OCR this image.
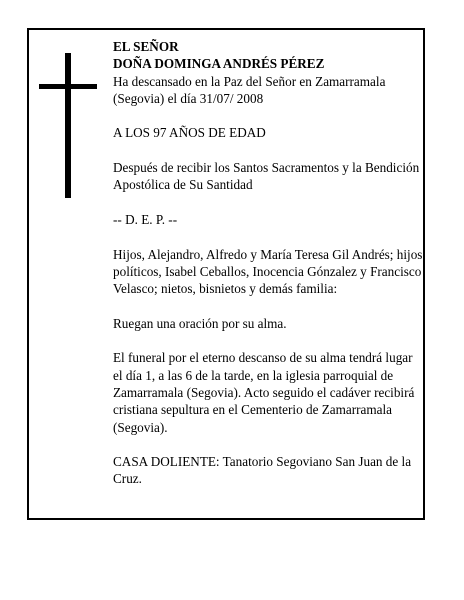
EL SEÑOR

DOÑA DOMINGA ANDRÉS PÉREZ

Ha descansado en la Paz del Señor en Zamarramala (Segovia) el día 31/07/ 2008

A LOS 97 AÑOS DE EDAD

Después de recibir los Santos Sacramentos y la Bendición Apostólica de Su Santidad

-- D. E. P. --

Hijos, Alejandro, Alfredo y María Teresa Gil Andrés; hijos políticos, Isabel Ceballos, Inocencia Gónzalez y Francisco Velasco; nietos, bisnietos y demás familia:

Ruegan una oración por su alma.

El funeral por el eterno descanso de su alma tendrá lugar el día 1, a las 6 de la tarde, en la iglesia parroquial de Zamarramala (Segovia). Acto seguido el cadáver recibirá cristiana sepultura en el Cementerio de Zamarramala (Segovia).

CASA DOLIENTE: Tanatorio Segoviano San Juan de la Cruz.
